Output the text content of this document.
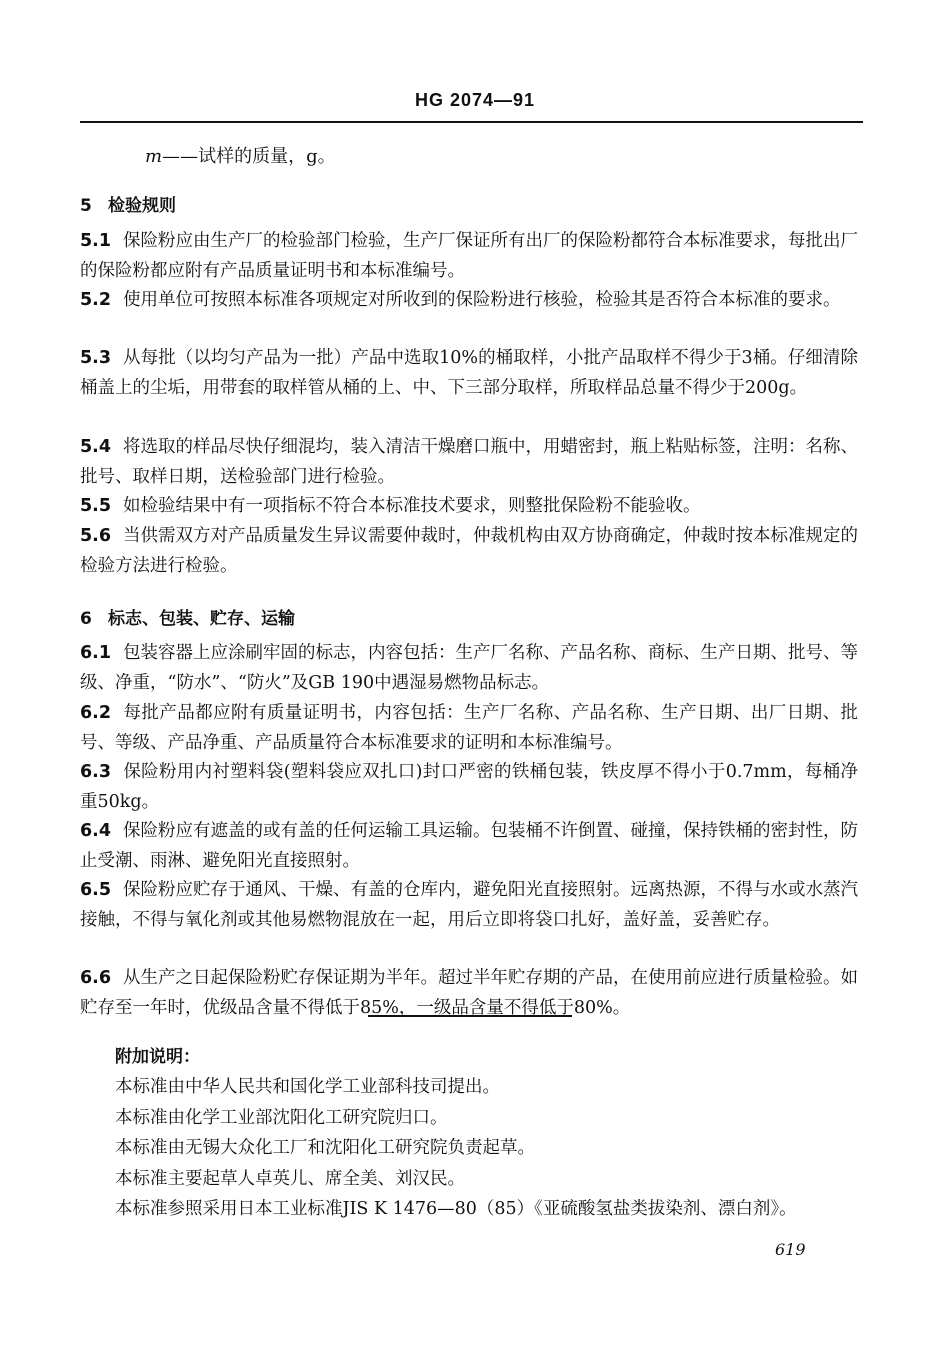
HG 2074—91
m——试样的质量，g。
5 检验规则
5.1 保险粉应由生产厂的检验部门检验，生产厂保证所有出厂的保险粉都符合本标准要求，每批出厂的保险粉都应附有产品质量证明书和本标准编号。
5.2 使用单位可按照本标准各项规定对所收到的保险粉进行核验，检验其是否符合本标准的要求。
5.3 从每批（以均匀产品为一批）产品中选取10%的桶取样，小批产品取样不得少于3桶。仔细清除桶盖上的尘垢，用带套的取样管从桶的上、中、下三部分取样，所取样品总量不得少于200g。
5.4 将选取的样品尽快仔细混均，装入清洁干燥磨口瓶中，用蜡密封，瓶上粘贴标签，注明：名称、批号、取样日期，送检验部门进行检验。
5.5 如检验结果中有一项指标不符合本标准技术要求，则整批保险粉不能验收。
5.6 当供需双方对产品质量发生异议需要仲裁时，仲裁机构由双方协商确定，仲裁时按本标准规定的检验方法进行检验。
6 标志、包装、贮存、运输
6.1 包装容器上应涂刷牢固的标志，内容包括：生产厂名称、产品名称、商标、生产日期、批号、等级、净重，“防水”、“防火”及GB 190中遇湿易燃物品标志。
6.2 每批产品都应附有质量证明书，内容包括：生产厂名称、产品名称、生产日期、出厂日期、批号、等级、产品净重、产品质量符合本标准要求的证明和本标准编号。
6.3 保险粉用内衬塑料袋(塑料袋应双扎口)封口严密的铁桶包装，铁皮厚不得小于0.7mm，每桶净重50kg。
6.4 保险粉应有遮盖的或有盖的任何运输工具运输。包装桶不许倒置、碰撞，保持铁桶的密封性，防止受潮、雨淋、避免阳光直接照射。
6.5 保险粉应贮存于通风、干燥、有盖的仓库内，避免阳光直接照射。远离热源，不得与水或水蒸汽接触，不得与氧化剂或其他易燃物混放在一起，用后立即将袋口扎好，盖好盖，妥善贮存。
6.6 从生产之日起保险粉贮存保证期为半年。超过半年贮存期的产品，在使用前应进行质量检验。如贮存至一年时，优级品含量不得低于85%，一级品含量不得低于80%。
附加说明：
本标准由中华人民共和国化学工业部科技司提出。
本标准由化学工业部沈阳化工研究院归口。
本标准由无锡大众化工厂和沈阳化工研究院负责起草。
本标准主要起草人卓英儿、席全美、刘汉民。
本标准参照采用日本工业标准JIS K 1476—80（85）《亚硫酸氢盐类拔染剂、漂白剂》。
619
